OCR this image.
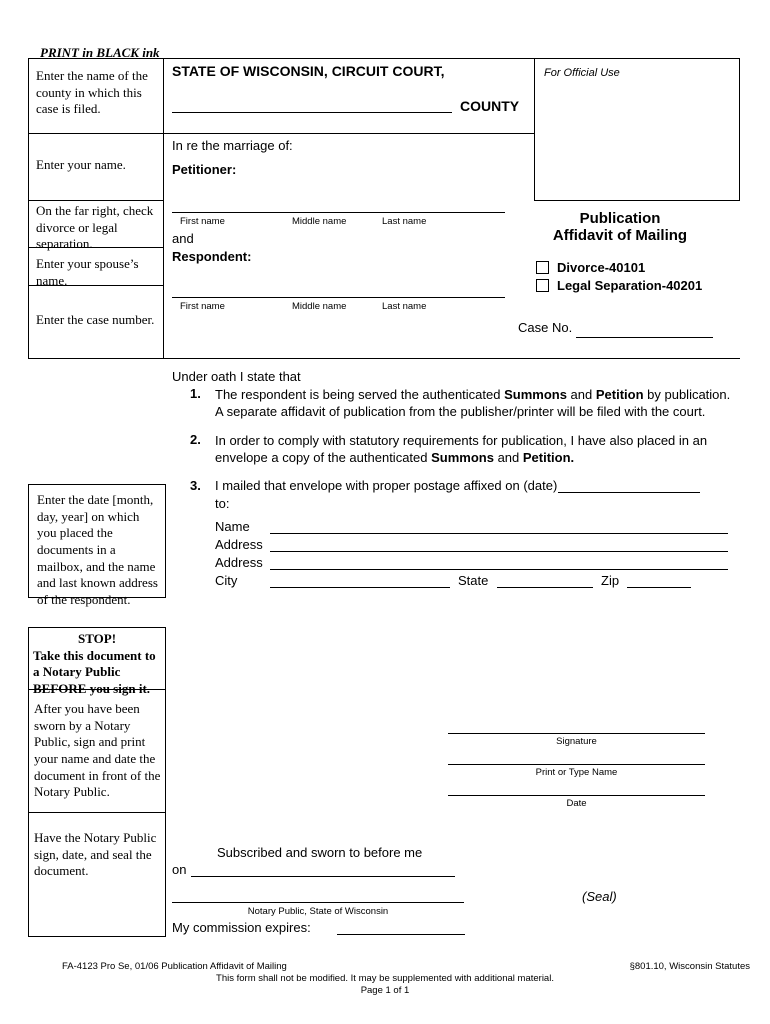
PRINT in BLACK ink
Enter the name of the county in which this case is filed.
Enter your name.
On the far right, check divorce or legal separation.
Enter your spouse’s name.
Enter the case number.
STATE OF WISCONSIN, CIRCUIT COURT,
COUNTY
For Official Use
In re the marriage of:
Petitioner:
First name	Middle name	Last name
and
Respondent:
First name	Middle name	Last name
Publication
Affidavit of Mailing
Divorce-40101
Legal Separation-40201
Case No.
Under oath I state that
1. The respondent is being served the authenticated Summons and Petition by publication.
A separate affidavit of publication from the publisher/printer will be filed with the court.
2. In order to comply with statutory requirements for publication, I have also placed in an
envelope a copy of the authenticated Summons and Petition.
3. I mailed that envelope with proper postage affixed on (date)
to:
Enter the date [month, day, year] on which you placed the documents in a mailbox, and the name and last known address of the respondent.
Name
Address
Address
City	State	Zip
STOP!
Take this document to a Notary Public BEFORE you sign it.
After you have been sworn by a Notary Public, sign and print your name and date the document in front of the Notary Public.
Have the Notary Public sign, date, and seal the document.
Signature
Print or Type Name
Date
Subscribed and sworn to before me
on
Notary Public, State of Wisconsin
(Seal)
My commission expires:
FA-4123 Pro Se, 01/06 Publication Affidavit of Mailing	§801.10, Wisconsin Statutes
This form shall not be modified. It may be supplemented with additional material.
Page 1 of 1
